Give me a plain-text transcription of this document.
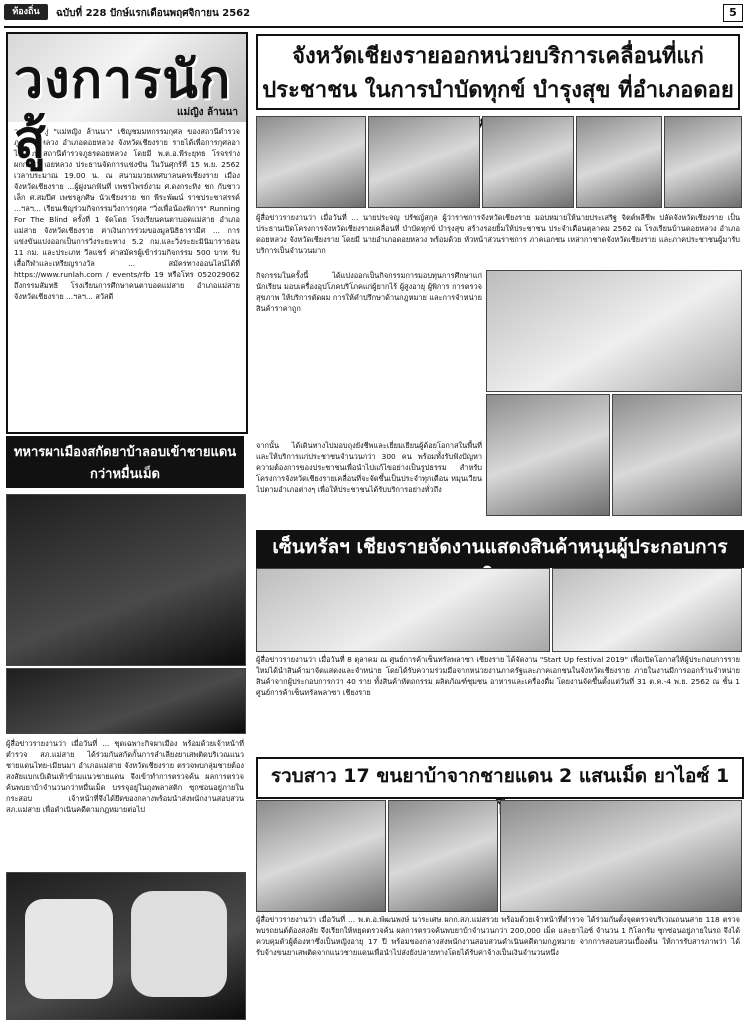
ท้องถิ่น	ฉบับที่ 228 ปักษ์แรกเดือนพฤศจิกายน 2562	5
วงการนักสู้	แม่ญิง ล้านนา
วงการนักสู้ "แม่หญิง ล้านนา" เชิญชมมหกรรมกุศล ของสถานีตำรวจภูธรดอยหลวง อำเภอดอยหลวง จังหวัดเชียงราย รายได้เพื่อการกุศลอาไปพัฒนาสถานีตำรวจภูธรดอยหลวง โดยมี พ.ต.อ.พีระยุทธ โรจรร่าง ผกก.สภ.ดอยหลวง ประธานจัดการแข่งขัน ในวันศุกร์ที่ 15 พ.ย. 2562 เวลาประมาณ 19.00 น. ณ สนามมวยเทศบาลนครเชียงราย เมือง จังหวัดเชียงราย ...ผู้ฝูงนกฟันที่ เพชรไพรย์งาม ศ.ดงกระทิง ชก กับชาวเล็ก ศ.สมปีศ เพชรลูกศิษ นัวเชียงราย ชก พีระพัฒน์ ราชประชาสรรค์ ...ฯลฯ... เรียนเชิญร่วมกิจกรรมวิ่งการกุศล "วิ่งเพื่อน้องพิการ" Running For The Blind ครั้งที่ 1 จัดโดย โรงเรียนคนตาบอดแม่สาย อำเภอแม่สาย จังหวัดเชียงราย ค่าเงินการร่วมของมูลนิธิธารามีศ ... การแข่งขันแบ่งออกเป็นการวิ่งระยะทาง 5.2 กม.และวิ่งระยะมินิมาราธอน 11 กม. และประเภท วีลแชร์ ค่าสมัครผู้เข้าร่วมกิจกรรม 500 บาท รับเสื้อกีฬาและเหรียญรางวัล ... สมัครทางออนไลน์ได้ที่ https://www.runlah.com / events/rfb 19 หรือโทร 052029062 ถึงกรรมสัมทธิ โรงเรียนการศึกษาคนตาบอดแม่สาย อำเภอแม่สาย จังหวัดเชียงราย ...ฯลฯ... สวัสดี
ทหารผาเมืองสกัดยาบ้าลอบเข้าชายแดน กว่าหมื่นเม็ด
ผู้สื่อข่าวรายงานว่า เมื่อวันที่ ... ชุดเฉพาะกิจผาเมือง พร้อมด้วยเจ้าหน้าที่ตำรวจ สภ.แม่สาย ได้ร่วมกันสกัดกั้นการลำเลียงยาเสพติดบริเวณแนวชายแดนไทย-เมียนมา อำเภอแม่สาย จังหวัดเชียงราย ตรวจพบกลุ่มชายต้องสงสัยแบกเป้เดินเท้าข้ามแนวชายแดน จึงเข้าทำการตรวจค้น ผลการตรวจค้นพบยาบ้าจำนวนกว่าหมื่นเม็ด บรรจุอยู่ในถุงพลาสติก ซุกซ่อนอยู่ภายในกระสอบ เจ้าหน้าที่จึงได้ยึดของกลางพร้อมนำส่งพนักงานสอบสวน สภ.แม่สาย เพื่อดำเนินคดีตามกฎหมายต่อไป
จังหวัดเชียงรายออกหน่วยบริการเคลื่อนที่แก่ประชาชน ในการบำบัดทุกข์ บำรุงสุข ที่อำเภอดอย
ผู้สื่อข่าวรายงานว่า เมื่อวันที่ ... นายประจญ ปรัชญ์สกุล ผู้ว่าราชการจังหวัดเชียงราย มอบหมายให้นายประเสริฐ จิตต์พลีชีพ ปลัดจังหวัดเชียงราย เป็นประธานเปิดโครงการจังหวัดเชียงรายเคลื่อนที่ บำบัดทุกข์ บำรุงสุข สร้างรอยยิ้มให้ประชาชน ประจำเดือนตุลาคม 2562 ณ โรงเรียนบ้านดอยหลวง อำเภอดอยหลวง จังหวัดเชียงราย โดยมี นายอำเภอดอยหลวง พร้อมด้วย หัวหน้าส่วนราชการ ภาคเอกชน เหล่ากาชาดจังหวัดเชียงราย และภาคประชาชนผู้มารับบริการเป็นจำนวนมาก
กิจกรรมในครั้งนี้ ได้แบ่งออกเป็นกิจกรรมการมอบทุนการศึกษาแก่นักเรียน มอบเครื่องอุปโภคบริโภคแก่ผู้ยากไร้ ผู้สูงอายุ ผู้พิการ การตรวจสุขภาพ ให้บริการตัดผม การให้คำปรึกษาด้านกฎหมาย และการจำหน่ายสินค้าราคาถูก
จากนั้น ได้เดินทางไปมอบถุงยังชีพและเยี่ยมเยียนผู้ด้อยโอกาสในพื้นที่ และให้บริการแก่ประชาชนจำนวนกว่า 300 คน พร้อมทั้งรับฟังปัญหาความต้องการของประชาชนเพื่อนำไปแก้ไขอย่างเป็นรูปธรรม สำหรับโครงการจังหวัดเชียงรายเคลื่อนที่จะจัดขึ้นเป็นประจำทุกเดือน หมุนเวียนไปตามอำเภอต่างๆ เพื่อให้ประชาชนได้รับบริการอย่างทั่วถึง
เซ็นทรัลฯ เชียงรายจัดงานแสดงสินค้าหนุนผู้ประกอบการ
ผู้สื่อข่าวรายงานว่า เมื่อวันที่ 8 ตุลาคม ณ ศูนย์การค้าเซ็นทรัลพลาซา เชียงราย ได้จัดงาน "Start Up festival 2019" เพื่อเปิดโอกาสให้ผู้ประกอบการรายใหม่ได้นำสินค้ามาจัดแสดงและจำหน่าย โดยได้รับความร่วมมือจากหน่วยงานภาครัฐและภาคเอกชนในจังหวัดเชียงราย ภายในงานมีการออกร้านจำหน่ายสินค้าจากผู้ประกอบการกว่า 40 ราย ทั้งสินค้าหัตถกรรม ผลิตภัณฑ์ชุมชน อาหารและเครื่องดื่ม โดยงานจัดขึ้นตั้งแต่วันที่ 31 ต.ค.-4 พ.ย. 2562 ณ ชั้น 1 ศูนย์การค้าเซ็นทรัลพลาซา เชียงราย
รวบสาว 17 ขนยาบ้าจากชายแดน 2 แสนเม็ด ยาไอซ์ 1
ผู้สื่อข่าวรายงานว่า เมื่อวันที่ ... พ.ต.อ.พัฒนพงษ์ นาระเศษ ผกก.สภ.แม่สรวย พร้อมด้วยเจ้าหน้าที่ตำรวจ ได้ร่วมกันตั้งจุดตรวจบริเวณถนนสาย 118 ตรวจพบรถยนต์ต้องสงสัย จึงเรียกให้หยุดตรวจค้น ผลการตรวจค้นพบยาบ้าจำนวนกว่า 200,000 เม็ด และยาไอซ์ จำนวน 1 กิโลกรัม ซุกซ่อนอยู่ภายในรถ จึงได้ควบคุมตัวผู้ต้องหาซึ่งเป็นหญิงอายุ 17 ปี พร้อมของกลางส่งพนักงานสอบสวนดำเนินคดีตามกฎหมาย จากการสอบสวนเบื้องต้น ให้การรับสารภาพว่า ได้รับจ้างขนยาเสพติดจากแนวชายแดนเพื่อนำไปส่งยังปลายทางโดยได้รับค่าจ้างเป็นเงินจำนวนหนึ่ง
